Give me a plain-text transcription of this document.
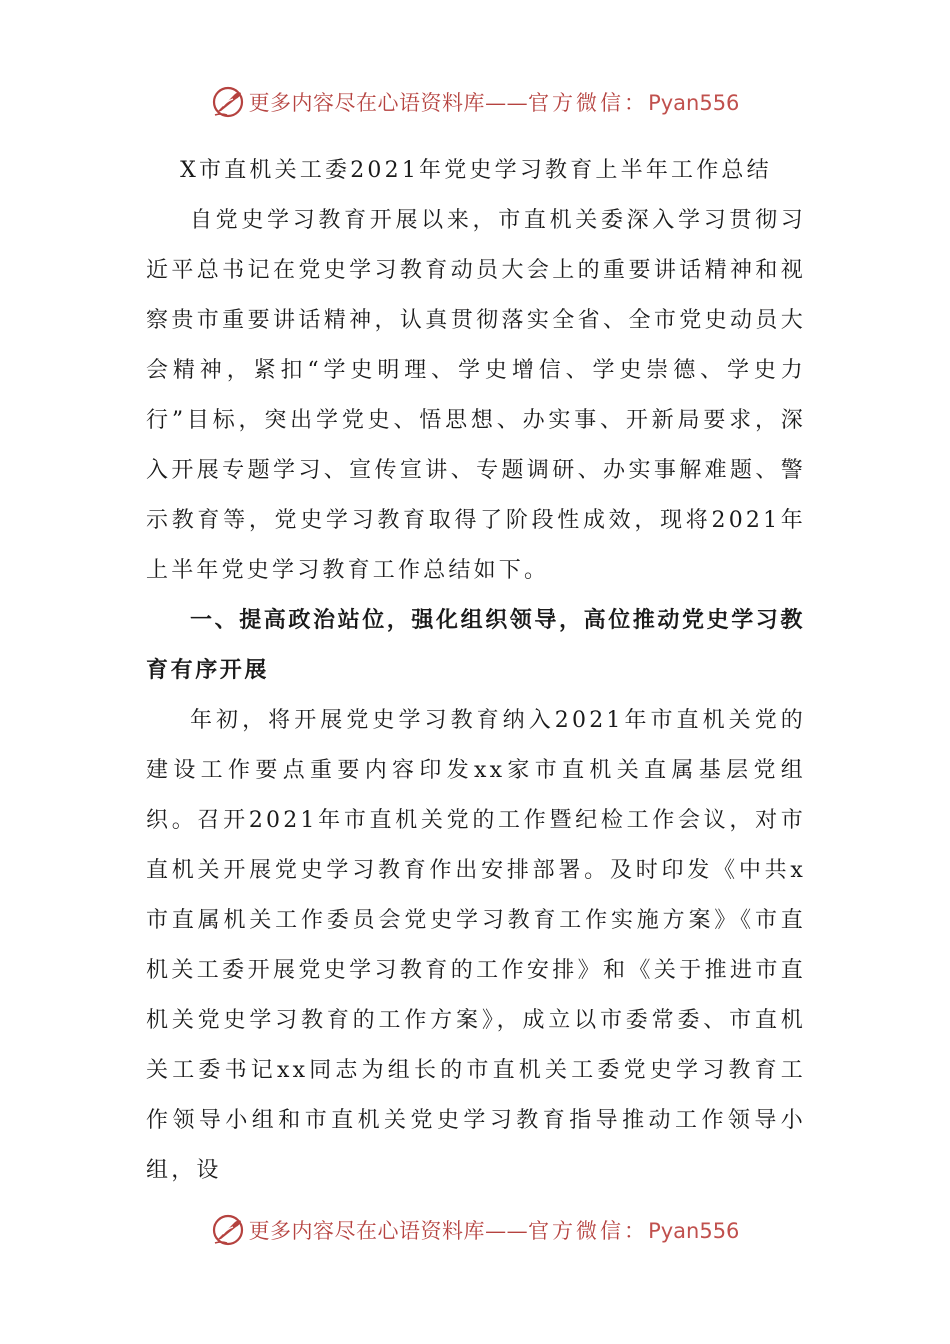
更多内容尽在心语资料库——官方微信：Pyan556
X市直机关工委2021年党史学习教育上半年工作总结

自党史学习教育开展以来，市直机关委深入学习贯彻习近平总书记在党史学习教育动员大会上的重要讲话精神和视察贵市重要讲话精神，认真贯彻落实全省、全市党史动员大会精神，紧扣“学史明理、学史增信、学史崇德、学史力行”目标，突出学党史、悟思想、办实事、开新局要求，深入开展专题学习、宣传宣讲、专题调研、办实事解难题、警示教育等，党史学习教育取得了阶段性成效，现将2021年上半年党史学习教育工作总结如下。

一、提高政治站位，强化组织领导，高位推动党史学习教育有序开展

年初，将开展党史学习教育纳入2021年市直机关党的建设工作要点重要内容印发xx家市直机关直属基层党组织。召开2021年市直机关党的工作暨纪检工作会议，对市直机关开展党史学习教育作出安排部署。及时印发《中共x市直属机关工作委员会党史学习教育工作实施方案》《市直机关工委开展党史学习教育的工作安排》和《关于推进市直机关党史学习教育的工作方案》，成立以市委常委、市直机关工委书记xx同志为组长的市直机关工委党史学习教育工作领导小组和市直机关党史学习教育指导推动工作领导小组，设

更多内容尽在心语资料库——官方微信：Pyan556
